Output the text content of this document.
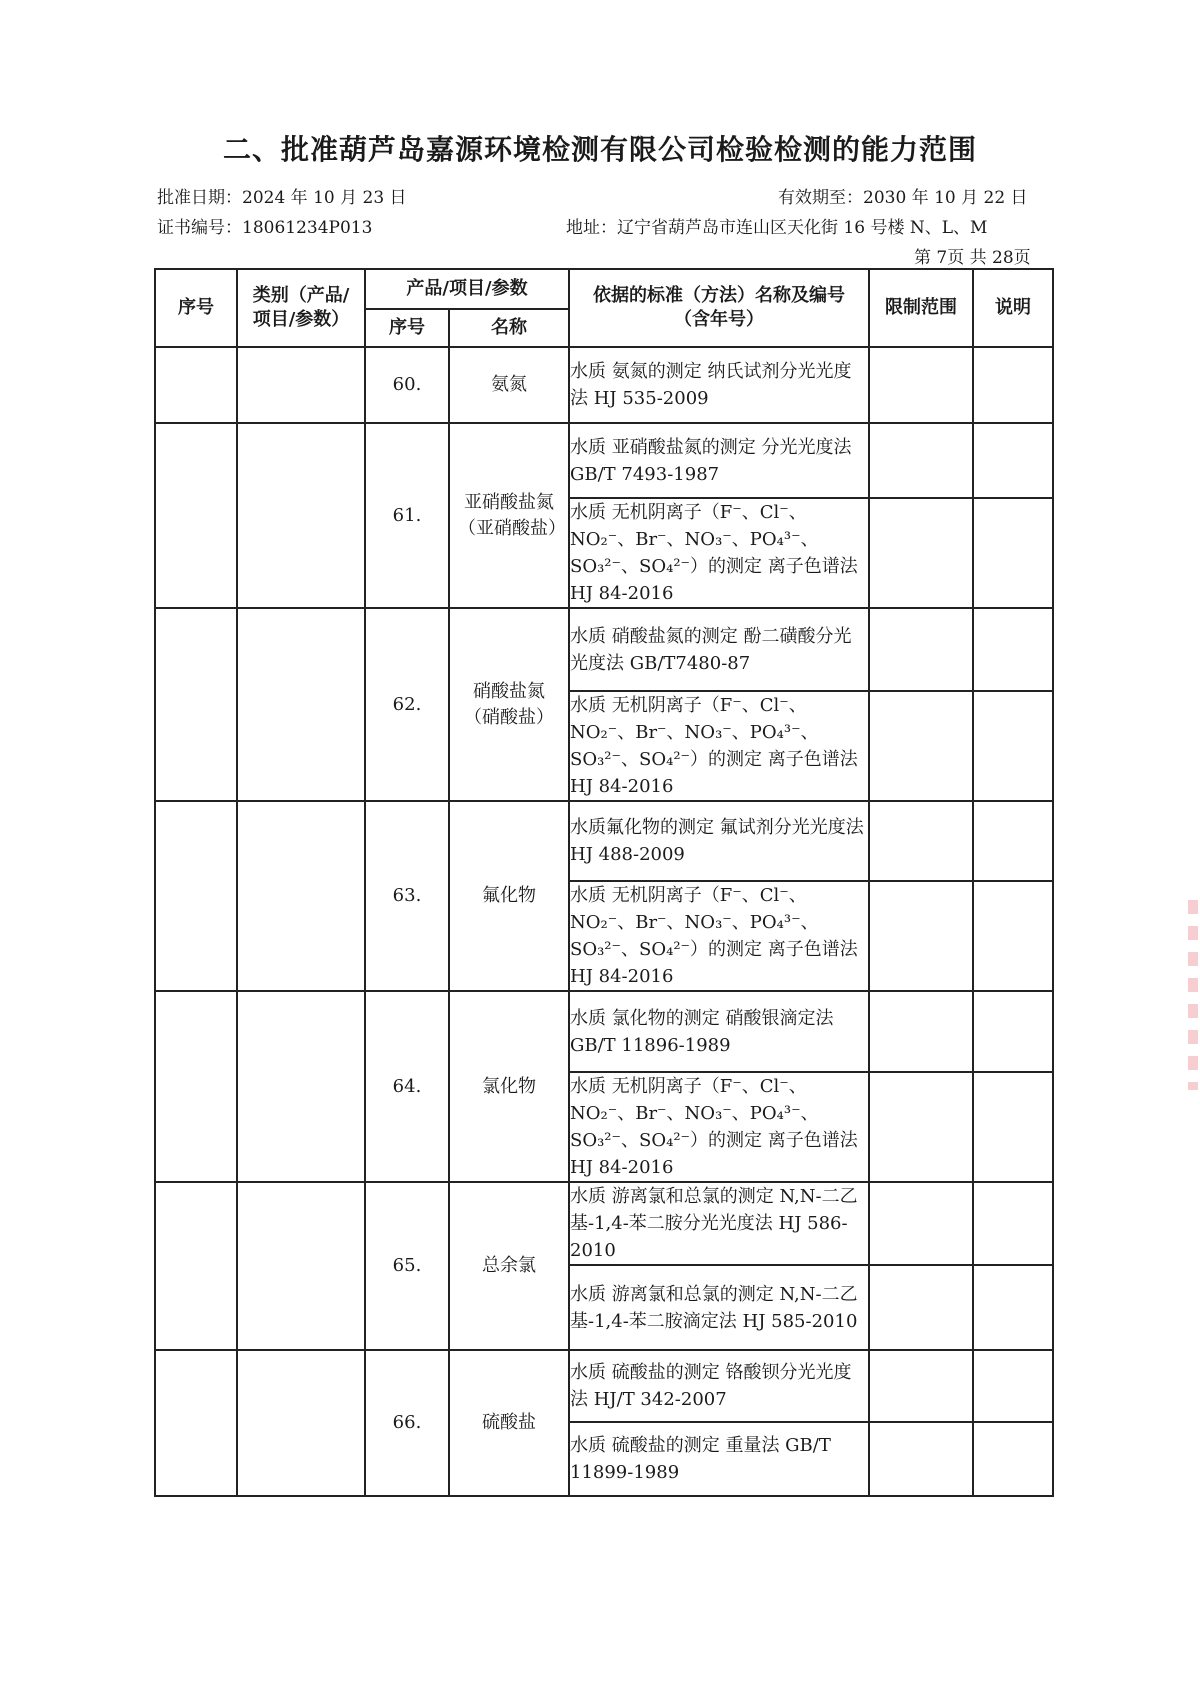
二、批准葫芦岛嘉源环境检测有限公司检验检测的能力范围
批准日期：2024 年 10 月 23 日	有效期至：2030 年 10 月 22 日
证书编号：18061234P013	地址：辽宁省葫芦岛市连山区天化街 16 号楼 N、L、M
第 7页 共 28页
序号	类别（产品/项目/参数）	产品/项目/参数		依据的标准（方法）名称及编号（含年号）	限制范围	说明
		序号	名称			
		60.	氨氮	水质 氨氮的测定 纳氏试剂分光光度法 HJ 535-2009		
		61.	亚硝酸盐氮（亚硝酸盐）	水质 亚硝酸盐氮的测定 分光光度法 GB/T 7493-1987		
				水质 无机阴离子（F⁻、Cl⁻、NO₂⁻、Br⁻、NO₃⁻、PO₄³⁻、SO₃²⁻、SO₄²⁻）的测定 离子色谱法 HJ 84-2016		
		62.	硝酸盐氮（硝酸盐）	水质 硝酸盐氮的测定 酚二磺酸分光光度法 GB/T7480-87		
				水质 无机阴离子（F⁻、Cl⁻、NO₂⁻、Br⁻、NO₃⁻、PO₄³⁻、SO₃²⁻、SO₄²⁻）的测定 离子色谱法 HJ 84-2016		
		63.	氟化物	水质氟化物的测定 氟试剂分光光度法 HJ 488-2009		
				水质 无机阴离子（F⁻、Cl⁻、NO₂⁻、Br⁻、NO₃⁻、PO₄³⁻、SO₃²⁻、SO₄²⁻）的测定 离子色谱法 HJ 84-2016		
		64.	氯化物	水质 氯化物的测定 硝酸银滴定法 GB/T 11896-1989		
				水质 无机阴离子（F⁻、Cl⁻、NO₂⁻、Br⁻、NO₃⁻、PO₄³⁻、SO₃²⁻、SO₄²⁻）的测定 离子色谱法 HJ 84-2016		
		65.	总余氯	水质 游离氯和总氯的测定 N,N-二乙基-1,4-苯二胺分光光度法 HJ 586-2010		
				水质 游离氯和总氯的测定 N,N-二乙基-1,4-苯二胺滴定法 HJ 585-2010		
		66.	硫酸盐	水质 硫酸盐的测定 铬酸钡分光光度法 HJ/T 342-2007		
				水质 硫酸盐的测定 重量法 GB/T 11899-1989		
